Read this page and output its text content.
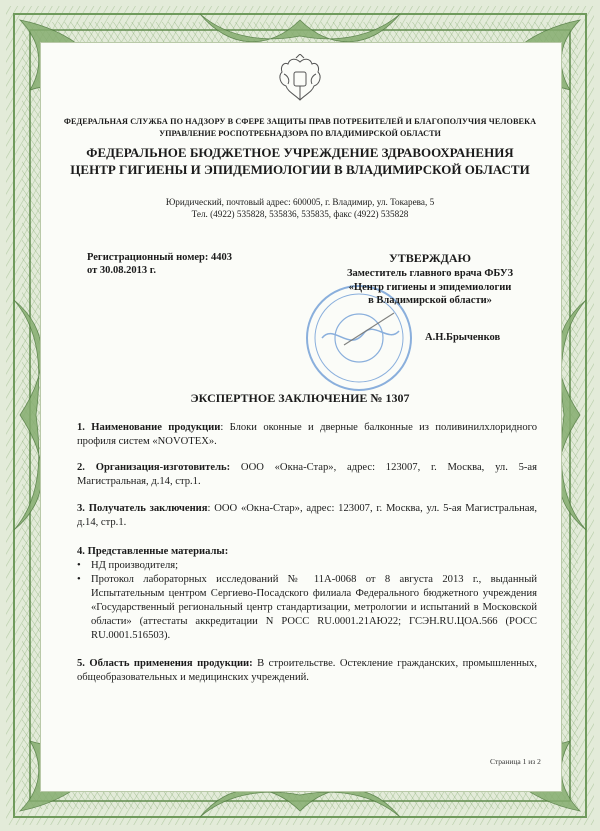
ФЕДЕРАЛЬНАЯ СЛУЖБА ПО НАДЗОРУ В СФЕРЕ ЗАЩИТЫ ПРАВ ПОТРЕБИТЕЛЕЙ И БЛАГОПОЛУЧИЯ ЧЕЛОВЕКА
УПРАВЛЕНИЕ РОСПОТРЕБНАДЗОРА ПО ВЛАДИМИРСКОЙ ОБЛАСТИ
ФЕДЕРАЛЬНОЕ БЮДЖЕТНОЕ УЧРЕЖДЕНИЕ ЗДРАВООХРАНЕНИЯ
ЦЕНТР ГИГИЕНЫ И ЭПИДЕМИОЛОГИИ В ВЛАДИМИРСКОЙ ОБЛАСТИ
Юридический, почтовый адрес: 600005, г. Владимир, ул. Токарева, 5
Тел. (4922) 535828, 535836, 535835, факс (4922) 535828
Регистрационный номер: 4403
от 30.08.2013 г.
УТВЕРЖДАЮ
Заместитель главного врача ФБУЗ
«Центр гигиены и эпидемиологии
в Владимирской области»
А.Н.Брыченков
ЭКСПЕРТНОЕ ЗАКЛЮЧЕНИЕ № 1307
1. Наименование продукции: Блоки оконные и дверные балконные из поливинилхлоридного профиля систем «NOVOTEX».
2. Организация-изготовитель: ООО «Окна-Стар», адрес: 123007, г. Москва, ул. 5-ая Магистральная, д.14, стр.1.
3. Получатель заключения: ООО «Окна-Стар», адрес: 123007, г. Москва, ул. 5-ая Магистральная, д.14, стр.1.
4. Представленные материалы:
• НД производителя;
• Протокол лабораторных исследований № 11А-0068 от 8 августа 2013 г., выданный Испытательным центром Сергиево-Посадского филиала Федерального бюджетного учреждения «Государственный региональный центр стандартизации, метрологии и испытаний в Московской области» (аттестаты аккредитации N РОСС RU.0001.21АЮ22; ГСЭН.RU.ЦОА.566 (РОСС RU.0001.516503).
5. Область применения продукции: В строительстве. Остекление гражданских, промышленных, общеобразовательных и медицинских учреждений.
Страница 1 из 2
